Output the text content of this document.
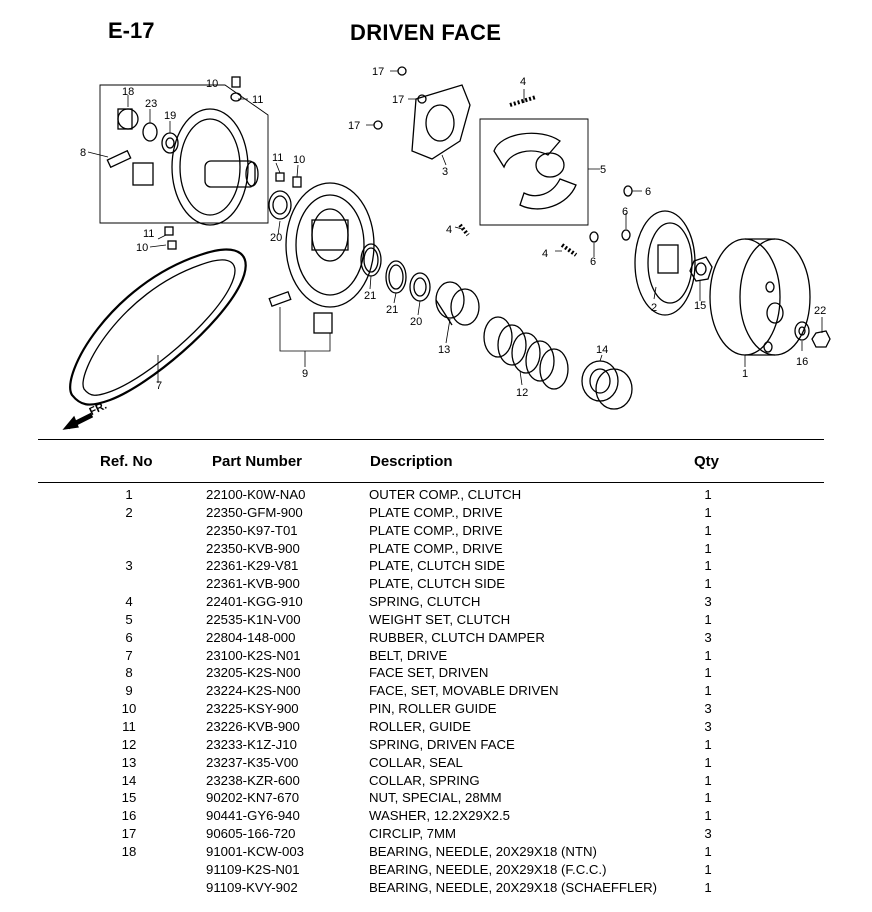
E-17	DRIVEN FACE
8
18
23
19
10
11
11 10
20
11
10
7
9
21
21
20
13
12
14
17
17
17
3
4
4
4
5
6
6
6
2	15
1
22
16
FR.
Ref. No	Part Number	Description	Qty
1	22100-K0W-NA0	OUTER COMP., CLUTCH	1
2	22350-GFM-900	PLATE COMP., DRIVE	1
22350-K97-T01	PLATE COMP., DRIVE	1
22350-KVB-900	PLATE COMP., DRIVE	1
3	22361-K29-V81	PLATE, CLUTCH SIDE	1
22361-KVB-900	PLATE, CLUTCH SIDE	1
4	22401-KGG-910	SPRING, CLUTCH	3
5	22535-K1N-V00	WEIGHT SET, CLUTCH	1
6	22804-148-000	RUBBER, CLUTCH DAMPER	3
7	23100-K2S-N01	BELT, DRIVE	1
8	23205-K2S-N00	FACE SET, DRIVEN	1
9	23224-K2S-N00	FACE, SET, MOVABLE DRIVEN	1
10	23225-KSY-900	PIN, ROLLER GUIDE	3
11	23226-KVB-900	ROLLER, GUIDE	3
12	23233-K1Z-J10	SPRING, DRIVEN FACE	1
13	23237-K35-V00	COLLAR, SEAL	1
14	23238-KZR-600	COLLAR, SPRING	1
15	90202-KN7-670	NUT, SPECIAL, 28MM	1
16	90441-GY6-940	WASHER, 12.2X29X2.5	1
17	90605-166-720	CIRCLIP, 7MM	3
18	91001-KCW-003	BEARING, NEEDLE, 20X29X18 (NTN)	1
91109-K2S-N01	BEARING, NEEDLE, 20X29X18 (F.C.C.)	1
91109-KVY-902	BEARING, NEEDLE, 20X29X18 (SCHAEFFLER)	1
